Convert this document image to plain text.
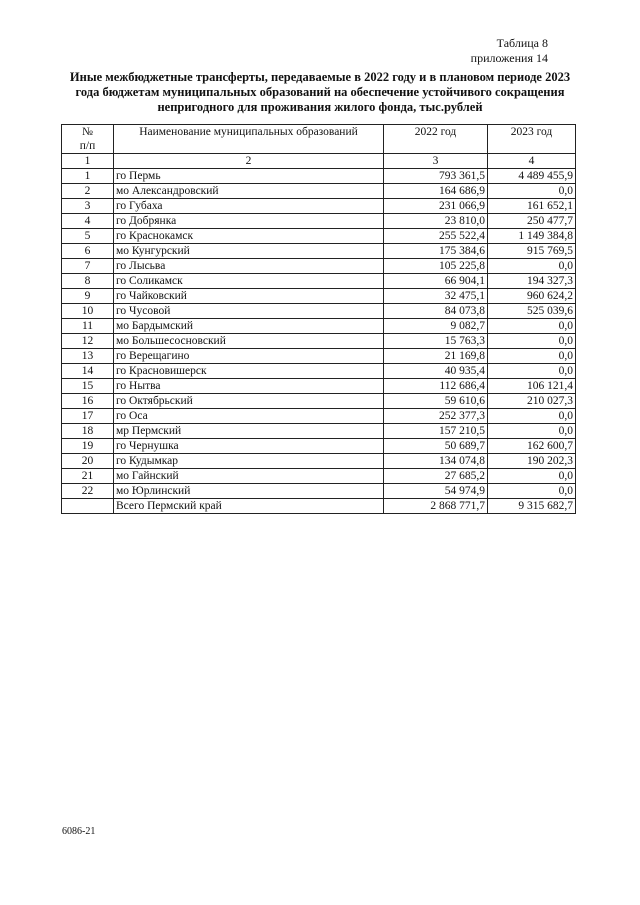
Таблица 8
приложения 14
Иные межбюджетные трансферты, передаваемые в 2022 году и в плановом периоде 2023 года бюджетам муниципальных образований на обеспечение устойчивого сокращения непригодного для проживания жилого фонда, тыс.рублей
№
п/п	Наименование муниципальных образований	2022 год	2023 год
1	2	3	4
1	го Пермь	793 361,5	4 489 455,9
2	мо Александровский	164 686,9	0,0
3	го Губаха	231 066,9	161 652,1
4	го Добрянка	23 810,0	250 477,7
5	го Краснокамск	255 522,4	1 149 384,8
6	мо Кунгурский	175 384,6	915 769,5
7	го Лысьва	105 225,8	0,0
8	го Соликамск	66 904,1	194 327,3
9	го Чайковский	32 475,1	960 624,2
10	го Чусовой	84 073,8	525 039,6
11	мо Бардымский	9 082,7	0,0
12	мо Большесосновский	15 763,3	0,0
13	го Верещагино	21 169,8	0,0
14	го Красновишерск	40 935,4	0,0
15	го Нытва	112 686,4	106 121,4
16	го Октябрьский	59 610,6	210 027,3
17	го Оса	252 377,3	0,0
18	мр Пермский	157 210,5	0,0
19	го Чернушка	50 689,7	162 600,7
20	го Кудымкар	134 074,8	190 202,3
21	мо Гайнский	27 685,2	0,0
22	мо Юрлинский	54 974,9	0,0
	Всего Пермский край	2 868 771,7	9 315 682,7
6086-21
